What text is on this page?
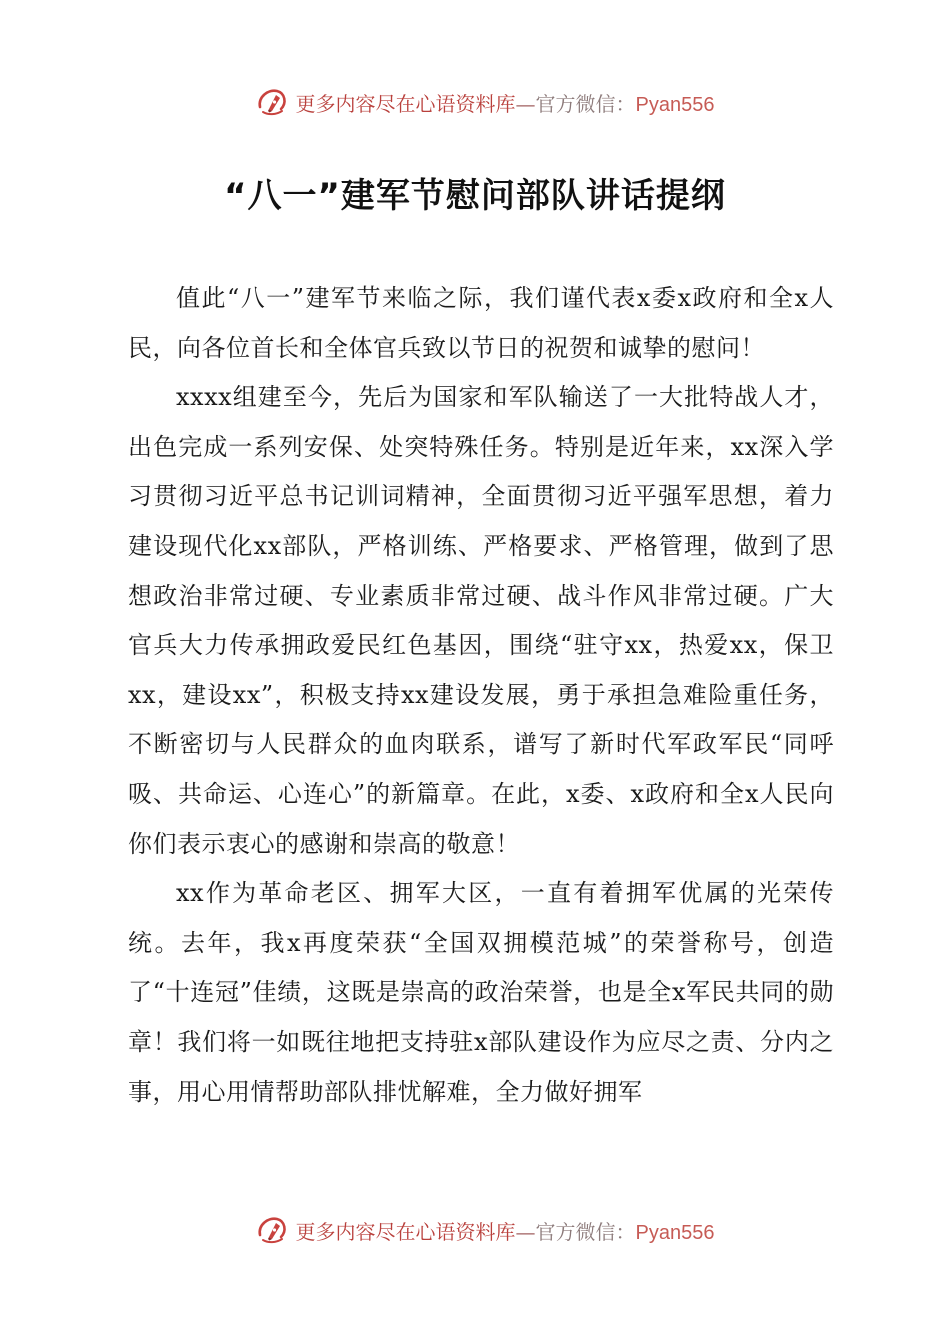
更多内容尽在心语资料库—官方微信：Pyan556
“八一”建军节慰问部队讲话提纲

值此“八一”建军节来临之际，我们谨代表x委x政府和全x人民，向各位首长和全体官兵致以节日的祝贺和诚挚的慰问！

xxxx组建至今，先后为国家和军队输送了一大批特战人才，出色完成一系列安保、处突特殊任务。特别是近年来，xx深入学习贯彻习近平总书记训词精神，全面贯彻习近平强军思想，着力建设现代化xx部队，严格训练、严格要求、严格管理，做到了思想政治非常过硬、专业素质非常过硬、战斗作风非常过硬。广大官兵大力传承拥政爱民红色基因，围绕“驻守xx，热爱xx，保卫xx，建设xx”，积极支持xx建设发展，勇于承担急难险重任务，不断密切与人民群众的血肉联系，谱写了新时代军政军民“同呼吸、共命运、心连心”的新篇章。在此，x委、x政府和全x人民向你们表示衷心的感谢和崇高的敬意！

xx作为革命老区、拥军大区，一直有着拥军优属的光荣传统。去年，我x再度荣获“全国双拥模范城”的荣誉称号，创造了“十连冠”佳绩，这既是崇高的政治荣誉，也是全x军民共同的勋章！我们将一如既往地把支持驻x部队建设作为应尽之责、分内之事，用心用情帮助部队排忧解难，全力做好拥军

更多内容尽在心语资料库—官方微信：Pyan556
